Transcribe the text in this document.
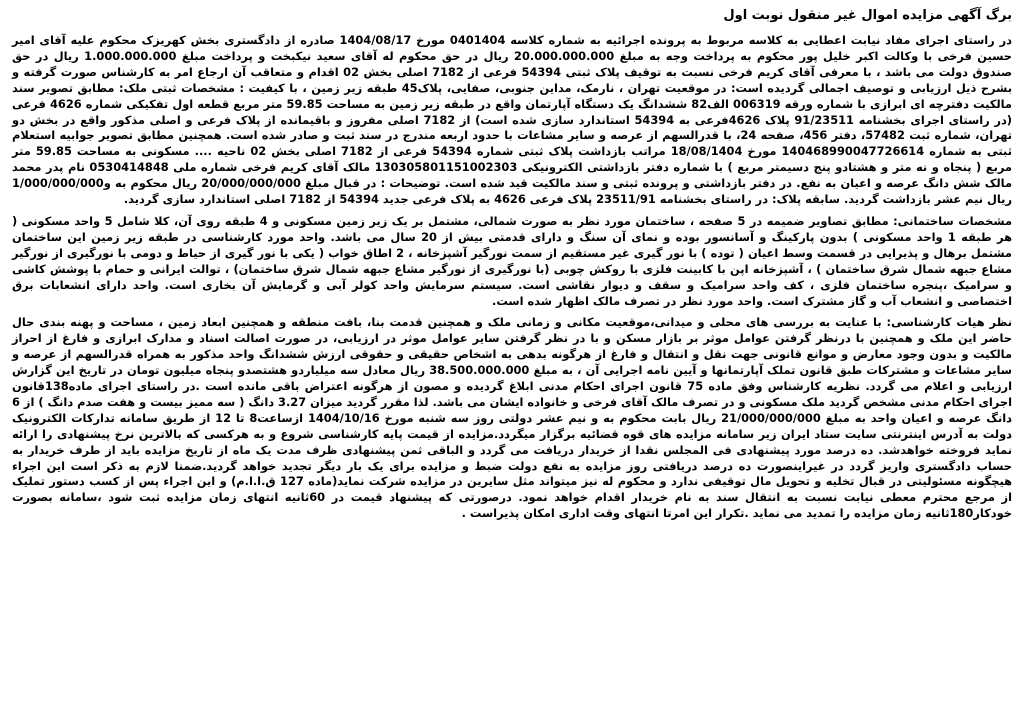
برگ آگهی مزایده اموال غیر منقول نوبت اول

در راستای اجرای مفاد نیابت اعطایی به کلاسه مربوط به پرونده اجرائیه به شماره کلاسه 0401404 مورخ 1404/08/17 صادره از دادگستری بخش کهریزک محکوم علیه آقای امیر حسین فرخی با وکالت اکبر خلیل پور محکوم به پرداخت وجه به مبلغ 20.000.000.000 ریال در حق محکوم له آقای سعید نیکبخت و پرداخت مبلغ 1.000.000.000 ریال در حق صندوق دولت می باشد ، با معرفی آقای کریم فرخی نسبت به توقیف پلاک ثبتی 54394 فرعی از 7182 اصلی بخش 02 اقدام و متعاقب آن ارجاع امر به کارشناس صورت گرفته و بشرح ذیل ارزیابی و توصیف اجمالی گردیده است: در موقعیت تهران ، نارمک، مداین جنوبی، صفایی، پلاک45 طبقه زیر زمین ، با کیفیت : مشخصات ثبتی ملک: مطابق تصویر سند مالکیت دفترچه ای ابرازی با شماره ورقه 006319 الف82 ششدانگ یک دستگاه آپارتمان واقع در طبقه زیر زمین به مساحت 59.85 متر مربع قطعه اول تفکیکی شماره 4626 فرعی (در راستای اجرای بخشنامه 91/23511 پلاک 4626فرعی به 54394 استاندارد سازی شده است) از 7182 اصلی مفروز و باقیمانده از پلاک فرعی و اصلی مذکور واقع در بخش دو تهران، شماره ثبت 57482، دفتر 456، صفحه 24، با قدرالسهم از عرصه و سایر مشاعات با حدود اربعه مندرج در سند ثبت و صادر شده است. همچنین مطابق تصویر جوابیه استعلام ثبتی به شماره 140468990047726614 مورخ 18/08/1404 مراتب بازداشت پلاک ثبتی شماره 54394 فرعی از 7182 اصلی بخش 02 ناحیه .... مسکونی به مساحت 59.85 متر مربع ( پنجاه و نه متر و هشتادو پنج دسیمتر مربع ) با شماره دفتر بازداشتی الکترونیکی 130305801151002303 مالک آقای کریم فرخی شماره ملی 0530414848 نام پدر محمد مالک شش دانگ عرصه و اعیان به نفع. در دفتر بازداشتی و پرونده ثبتی و سند مالکیت قید شده است. توضیحات : در قبال مبلغ 20/000/000/000 ریال محکوم به و1/000/000/000 ریال نیم عشر بازداشت گردید. سابقه پلاک: در راستای بخشنامه 23511/91 پلاک فرعی 4626 به پلاک فرعی جدید 54394 از 7182 اصلی استاندارد سازی گردید.

مشخصات ساختمانی: مطابق تصاویر ضمیمه در 5 صفحه ، ساختمان مورد نظر به صورت شمالی، مشتمل بر یک زیر زمین مسکونی و 4 طبقه روی آن، کلا شامل 5 واحد مسکونی ( هر طبقه 1 واحد مسکونی ) بدون پارکینگ و آسانسور بوده و نمای آن سنگ و دارای قدمتی بیش از 20 سال می باشد. واحد مورد کارشناسی در طبقه زیر زمین این ساختمان مشتمل برهال و پذیرایی در قسمت وسط اعیان ( توده ) با نور گیری غیر مستقیم از سمت نورگیر آشپزخانه ، 2 اطاق خواب ( یکی با نور گیری از حیاط و دومی با نورگیری از نورگیر مشاع جبهه شمال شرق ساختمان ) ، آشپزخانه اپن با کابینت فلزی با روکش چوبی (با نورگیری از نورگیر مشاع جبهه شمال شرق ساختمان) ، توالت ایرانی و حمام با پوشش کاشی و سرامیک ،پنجره ساختمان فلزی ، کف واحد سرامیک و سقف و دیوار نقاشی است. سیستم سرمایش واحد کولر آبی و گرمایش آن بخاری است. واحد دارای انشعابات برق اختصاصی و انشعاب آب و گاز مشترک است. واحد مورد نظر در تصرف مالک اظهار شده است.

نظر هیات کارشناسی: با عنایت به بررسی های محلی و میدانی،موقعیت مکانی و زمانی ملک و همچنین قدمت بنا، بافت منطقه و همچنین ابعاد زمین ، مساحت و پهنه بندی حال حاضر این ملک و همچنین با درنظر گرفتن عوامل موثر بر بازار مسکن و با در نظر گرفتن سایر عوامل موثر در ارزیابی، در صورت اصالت اسناد و مدارک ابرازی و فارغ از احراز مالکیت و بدون وجود معارض و موانع قانونی جهت نقل و انتقال و فارغ از هرگونه بدهی به اشخاص حقیقی و حقوقی ارزش ششدانگ واحد مذکور به همراه قدرالسهم از عرصه و سایر مشاعات و مشترکات طبق قانون تملک آپارتمانها و آیین نامه اجرایی آن ، به مبلغ 38.500.000.000 ریال معادل سه میلیاردو هشتصدو پنجاه میلیون تومان در تاریخ این گزارش ارزیابی و اعلام می گردد. نظریه کارشناس وفق ماده 75 قانون اجرای احکام مدنی ابلاغ گردیده و مصون از هرگونه اعتراض باقی مانده است .در راستای اجرای ماده138قانون اجرای احکام مدنی مشخص گردید ملک مسکونی و در تصرف مالک آقای فرخی و خانواده ایشان می باشد. لذا مقرر گردید میزان 3.27 دانگ ( سه ممیز بیست و هفت صدم دانگ ) از 6 دانگ عرصه و اعیان واحد به مبلغ 21/000/000/000 ریال بابت محکوم به و نیم عشر دولتی روز سه شنبه مورخ 1404/10/16 ازساعت8 تا 12 از طریق سامانه تدارکات الکترونیک دولت به آدرس اینترنتی سایت ستاد ایران زیر سامانه مزایده های قوه قضائیه برگزار میگردد.مزایده از قیمت پایه کارشناسی شروع و به هرکسی که بالاترین نرخ پیشنهادی را ارائه نماید فروخته خواهدشد. ده درصد مورد پیشنهادی فی المجلس نقدا از خریدار دریافت می گردد و الباقی ثمن پیشنهادی ظرف مدت یک ماه از تاریخ مزایده باید از طرف خریدار به حساب دادگستری واریز گردد در غیراینصورت ده درصد دریافتی روز مزایده به نفع دولت ضبط و مزایده برای یک بار دیگر تجدید خواهد گردید.ضمنا لازم به ذکر است این اجراء هیچگونه مسئولیتی در قبال تخلیه و تحویل مال توقیفی ندارد و محکوم له نیز میتواند مثل سایرین در مزایده شرکت نماید(ماده 127 ق.ا.ا.م) و این اجراء پس از کسب دستور تملیک از مرجع محترم معطی نیابت نسبت به انتقال سند به نام خریدار اقدام خواهد نمود. درصورتی که پیشنهاد قیمت در 60ثانیه انتهای زمان مزایده ثبت شود ،سامانه بصورت خودکار180ثانیه زمان مزایده را تمدید می نماید .تکرار این امرتا انتهای وقت اداری امکان پذیراست .
